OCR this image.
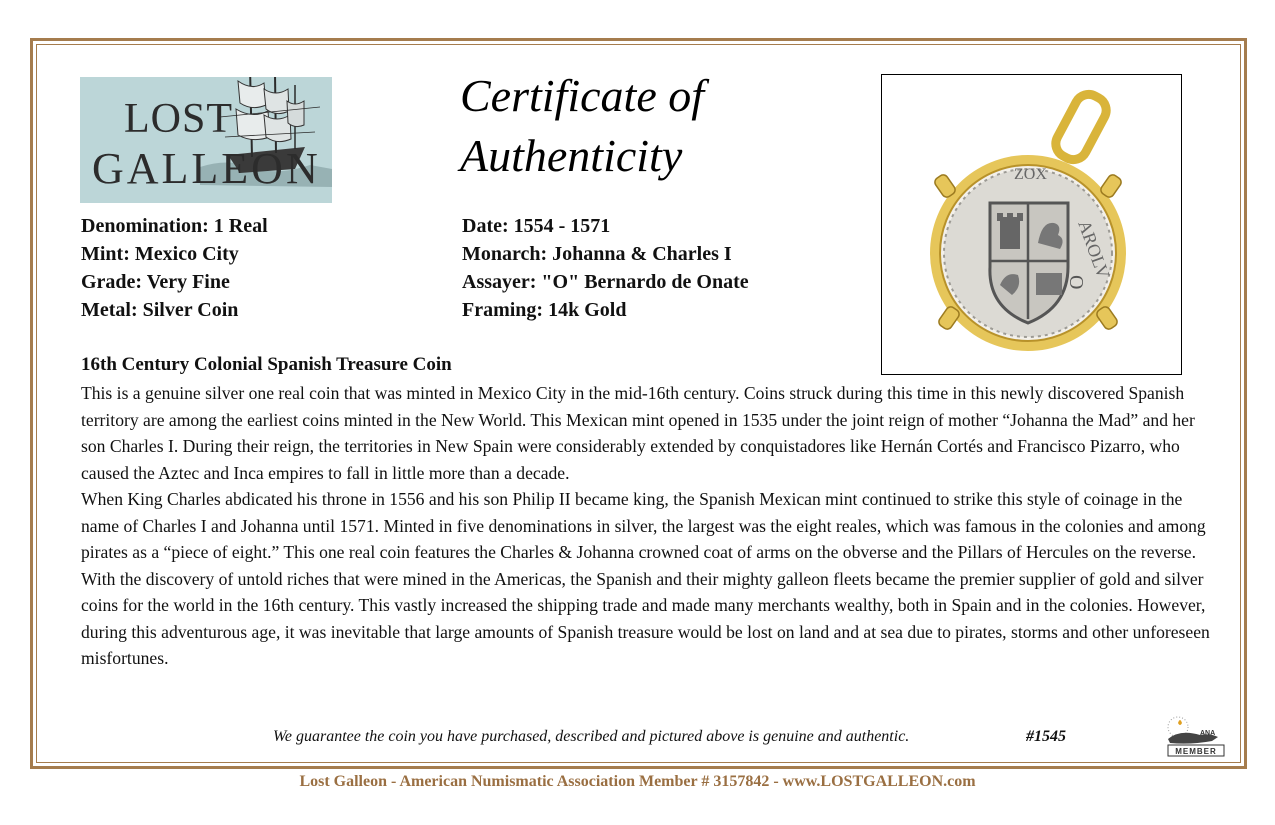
LOST
GALLEON
Certificate of
Authenticity
AROLV
ZOX
O
Denomination: 1 Real
Mint: Mexico City
Grade: Very Fine
Metal: Silver Coin
Date: 1554 - 1571
Monarch: Johanna & Charles I
Assayer: "O" Bernardo de Onate
Framing: 14k Gold
16th Century Colonial Spanish Treasure Coin

This is a genuine silver one real coin that was minted in Mexico City in the mid-16th century. Coins struck during this time in this newly discovered Spanish territory are among the earliest coins minted in the New World. This Mexican mint opened in 1535 under the joint reign of mother “Johanna the Mad” and her son Charles I. During their reign, the territories in New Spain were considerably extended by conquistadores like Hernán Cortés and Francisco Pizarro, who caused the Aztec and Inca empires to fall in little more than a decade.

When King Charles abdicated his throne in 1556 and his son Philip II became king, the Spanish Mexican mint continued to strike this style of coinage in the name of Charles I and Johanna until 1571. Minted in five denominations in silver, the largest was the eight reales, which was famous in the colonies and among pirates as a “piece of eight.” This one real coin features the Charles & Johanna crowned coat of arms on the obverse and the Pillars of Hercules on the reverse.

With the discovery of untold riches that were mined in the Americas, the Spanish and their mighty galleon fleets became the premier supplier of gold and silver coins for the world in the 16th century. This vastly increased the shipping trade and made many merchants wealthy, both in Spain and in the colonies. However, during this adventurous age, it was inevitable that large amounts of Spanish treasure would be lost on land and at sea due to pirates, storms and other unforeseen misfortunes.

We guarantee the coin you have purchased, described and pictured above is genuine and authentic.	#1545	ANA
MEMBER
Lost Galleon - American Numismatic Association Member # 3157842 - www.LOSTGALLEON.com
